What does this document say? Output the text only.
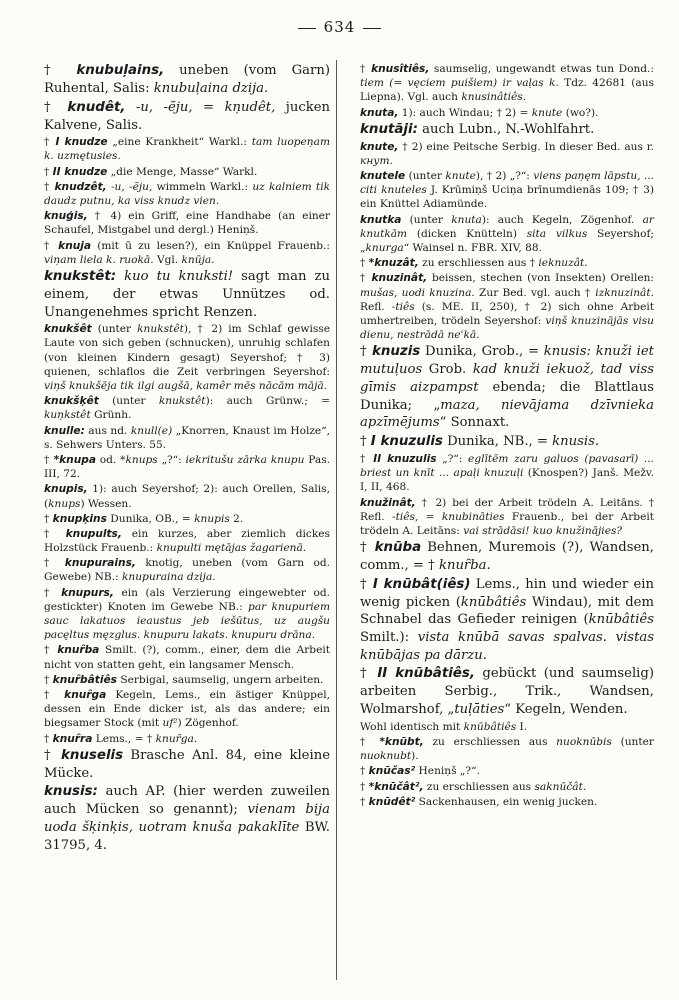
634
† knubuļains, uneben (vom Garn) Ruhental, Salis: knubuļaina dzija.
† knudêt, -u, -ẽju, = kņudêt, jucken Kalvene, Salis.
† I knudze „eine Krankheit“ Warkl.: tam luopeņam k. uzmętusies.
† II knudze „die Menge, Masse“ Warkl.
† knudzêt, -u, -ẽju, wimmeln Warkl.: uz kalniem tik daudz putnu, ka viss knudz vien.
knuģis, † 4) ein Griff, eine Handhabe (an einer Schaufel, Mistgabel und dergl.) Heniņš.
† knuja (mit ū zu lesen?), ein Knüppel Frauenb.: viņam liela k. ruokā. Vgl. knūja.
knukstêt: kuo tu knuksti! sagt man zu einem, der etwas Unnützes od. Unangenehmes spricht Renzen.
knukšêt (unter knukstêt), † 2) im Schlaf gewisse Laute von sich geben (schnucken), unruhig schlafen (von kleinen Kindern gesagt) Seyershof; † 3) quienen, schlaflos die Zeit verbringen Seyershof: viņš knukšēja tik ilgi augšā, kamêr mēs nācām mājā.
knukšķêt (unter knukstêt): auch Grünw.; = kuņkstêt Grünh.
knulle: aus nd. knull(e) „Knorren, Knaust im Holze“, s. Sehwers Unters. 55.
† *knupa od. *knups „?“: iekritušu zārka knupu Pas. III, 72.
knupis, 1): auch Seyershof; 2): auch Orellen, Salis, (knups) Wessen.
† knupķins Dunika, OB., = knupis 2.
† knupults, ein kurzes, aber ziemlich dickes Holzstück Frauenb.: knupulti mętājas žagarienā.
† knupurains, knotig, uneben (vom Garn od. Gewebe) NB.: knupuraina dzija.
† knupurs, ein (als Verzierung eingewebter od. gestickter) Knoten im Gewebe NB.: par knupuriem sauc lakatuos ieaustus jeb iešūtus, uz augšu pacęltus męzglus. knupuru lakats. knupuru drāna.
† knuȓba Smilt. (?), comm., einer, dem die Arbeit nicht von statten geht, ein langsamer Mensch.
† knuȓbâtiês Serbigal, saumselig, ungern arbeiten.
† knuȓga Kegeln, Lems., ein ästiger Knüppel, dessen ein Ende dicker ist, als das andere; ein biegsamer Stock (mit uf²) Zögenhof.
† knuȓra Lems., = † knuȓga.
† knuselis Brasche Anl. 84, eine kleine Mücke.
knusis: auch AP. (hier werden zuweilen auch Mücken so genannt); vienam bija uoda šķinķis, uotram knuša pakaklīte BW. 31795, 4.
† knusîtiês, saumselig, ungewandt etwas tun Dond.: tiem (= vęciem puišiem) ir vaļas k. Tdz. 42681 (aus Liepna). Vgl. auch knusinâtiês.
knuta, 1): auch Windau; † 2) = knute (wo?).
knutāji: auch Lubn., N.-Wohlfahrt.
knute, † 2) eine Peitsche Serbig. In dieser Bed. aus r. кнут.
knutele (unter knute), † 2) „?“: viens paņęm lāpstu, ... citi knuteles J. Krūmiņš Uciņa brīnumdienās 109; † 3) ein Knüttel Adiamünde.
knutka (unter knuta): auch Kegeln, Zögenhof. ar knutkām (dicken Knütteln) sita vilkus Seyershof; „knurga“ Wainsel n. FBR. XIV, 88.
† *knuzât, zu erschliessen aus † ieknuzât.
† knuzinât, beissen, stechen (von Insekten) Orellen: mušas, uodi knuzina. Zur Bed. vgl. auch † izknuzinât. Refl. -tiês (s. ME. II, 250), † 2) sich ohne Arbeit umhertreiben, trödeln Seyershof: viņš knuzinājās visu dienu, nestrādā ne'kā.
† knuzis Dunika, Grob., = knusis: knuži iet mutuļuos Grob. kad knuži iekuož, tad viss gīmis aizpampst ebenda; die Blattlaus Dunika; „maza, nievājama dzīvnieka apzīmējums“ Sonnaxt.
† I knuzulis Dunika, NB., = knusis.
† II knuzulis „?“: eglītēm zaru galuos (pavasarī) ... briest un knīt ... apaļi knuzuļi (Knospen?) Janš. Mežv. I, II, 468.
knužinât, † 2) bei der Arbeit trödeln A. Leitāns. † Refl. -tiês, = knubināties Frauenb., bei der Arbeit trödeln A. Leitāns: vai strādāsi! kuo knužinājies?
† knūba Behnen, Muremois (?), Wandsen, comm., = † knuȓba.
† I knūbât(iês) Lems., hin und wieder ein wenig picken (knūbâtiês Windau), mit dem Schnabel das Gefieder reinigen (knūbâtiês Smilt.): vista knūbā savas spalvas. vistas knūbājas pa dārzu.
† II knūbâtiês, gebückt (und saumselig) arbeiten Serbig., Trik., Wandsen, Wolmarshof, „tuļāties“ Kegeln, Wenden.
Wohl identisch mit knūbâtiês I.
† *knūbt, zu erschliessen aus nuoknūbis (unter nuoknubt).
† knūčas² Heniņš „?“.
† *knūčât², zu erschliessen aus saknūčât.
† knūdêt² Sackenhausen, ein wenig jucken.
